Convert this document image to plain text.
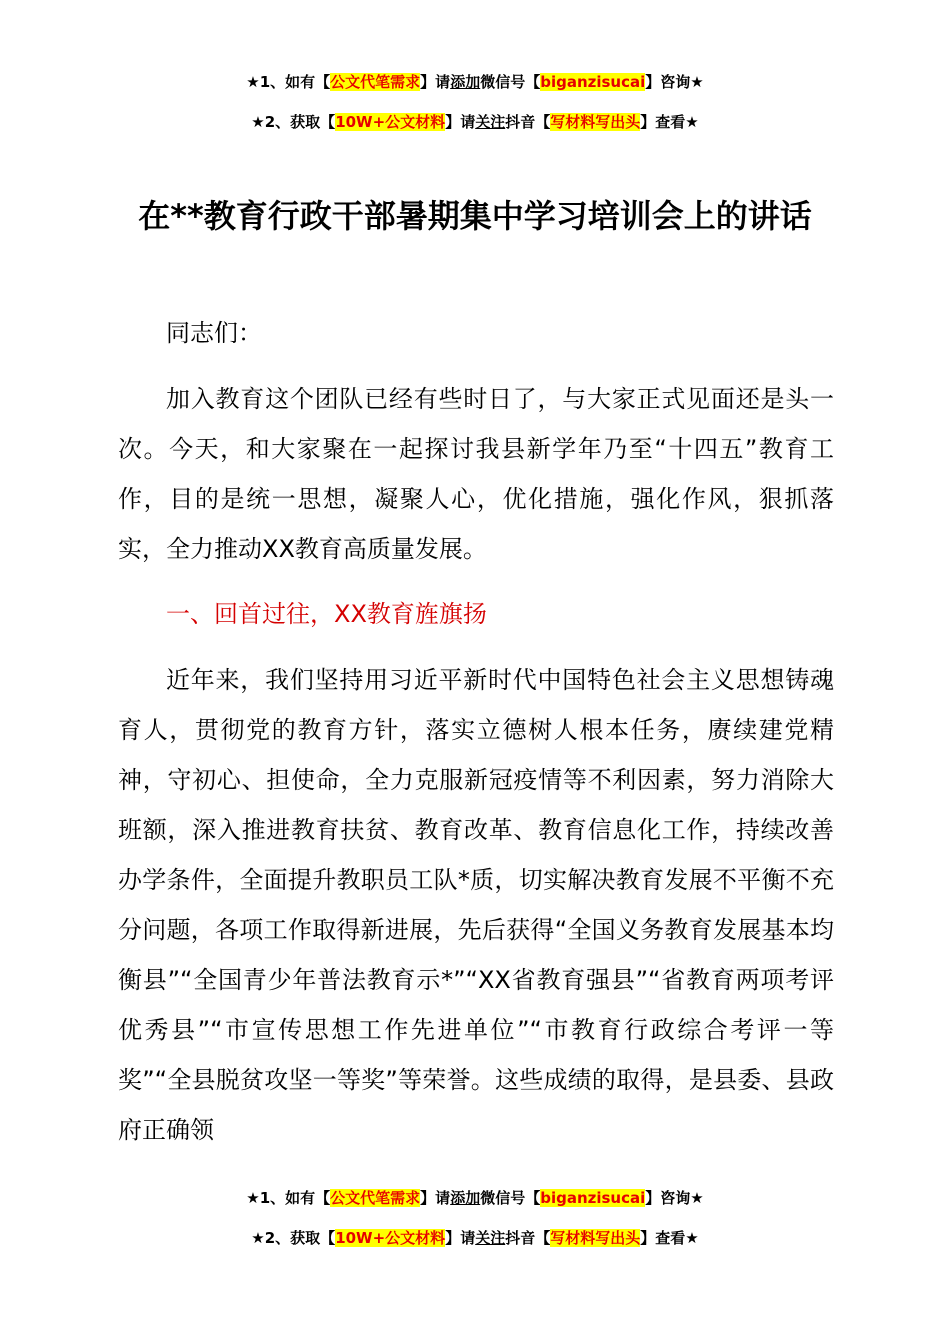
★1、如有【公文代笔需求】请添加微信号【biganzisucai】咨询★
★2、获取【10W+公文材料】请关注抖音【写材料写出头】查看★
在**教育行政干部暑期集中学习培训会上的讲话

同志们：

加入教育这个团队已经有些时日了，与大家正式见面还是头一次。今天，和大家聚在一起探讨我县新学年乃至“十四五”教育工作，目的是统一思想，凝聚人心，优化措施，强化作风，狠抓落实，全力推动XX教育高质量发展。

一、回首过往，XX教育旌旗扬

近年来，我们坚持用习近平新时代中国特色社会主义思想铸魂育人，贯彻党的教育方针，落实立德树人根本任务，赓续建党精神，守初心、担使命，全力克服新冠疫情等不利因素，努力消除大班额，深入推进教育扶贫、教育改革、教育信息化工作，持续改善办学条件，全面提升教职员工队*质，切实解决教育发展不平衡不充分问题，各项工作取得新进展，先后获得“全国义务教育发展基本均衡县”“全国青少年普法教育示*”“XX省教育强县”“省教育两项考评优秀县”“市宣传思想工作先进单位”“市教育行政综合考评一等奖”“全县脱贫攻坚一等奖”等荣誉。这些成绩的取得，是县委、县政府正确领

★1、如有【公文代笔需求】请添加微信号【biganzisucai】咨询★
★2、获取【10W+公文材料】请关注抖音【写材料写出头】查看★
